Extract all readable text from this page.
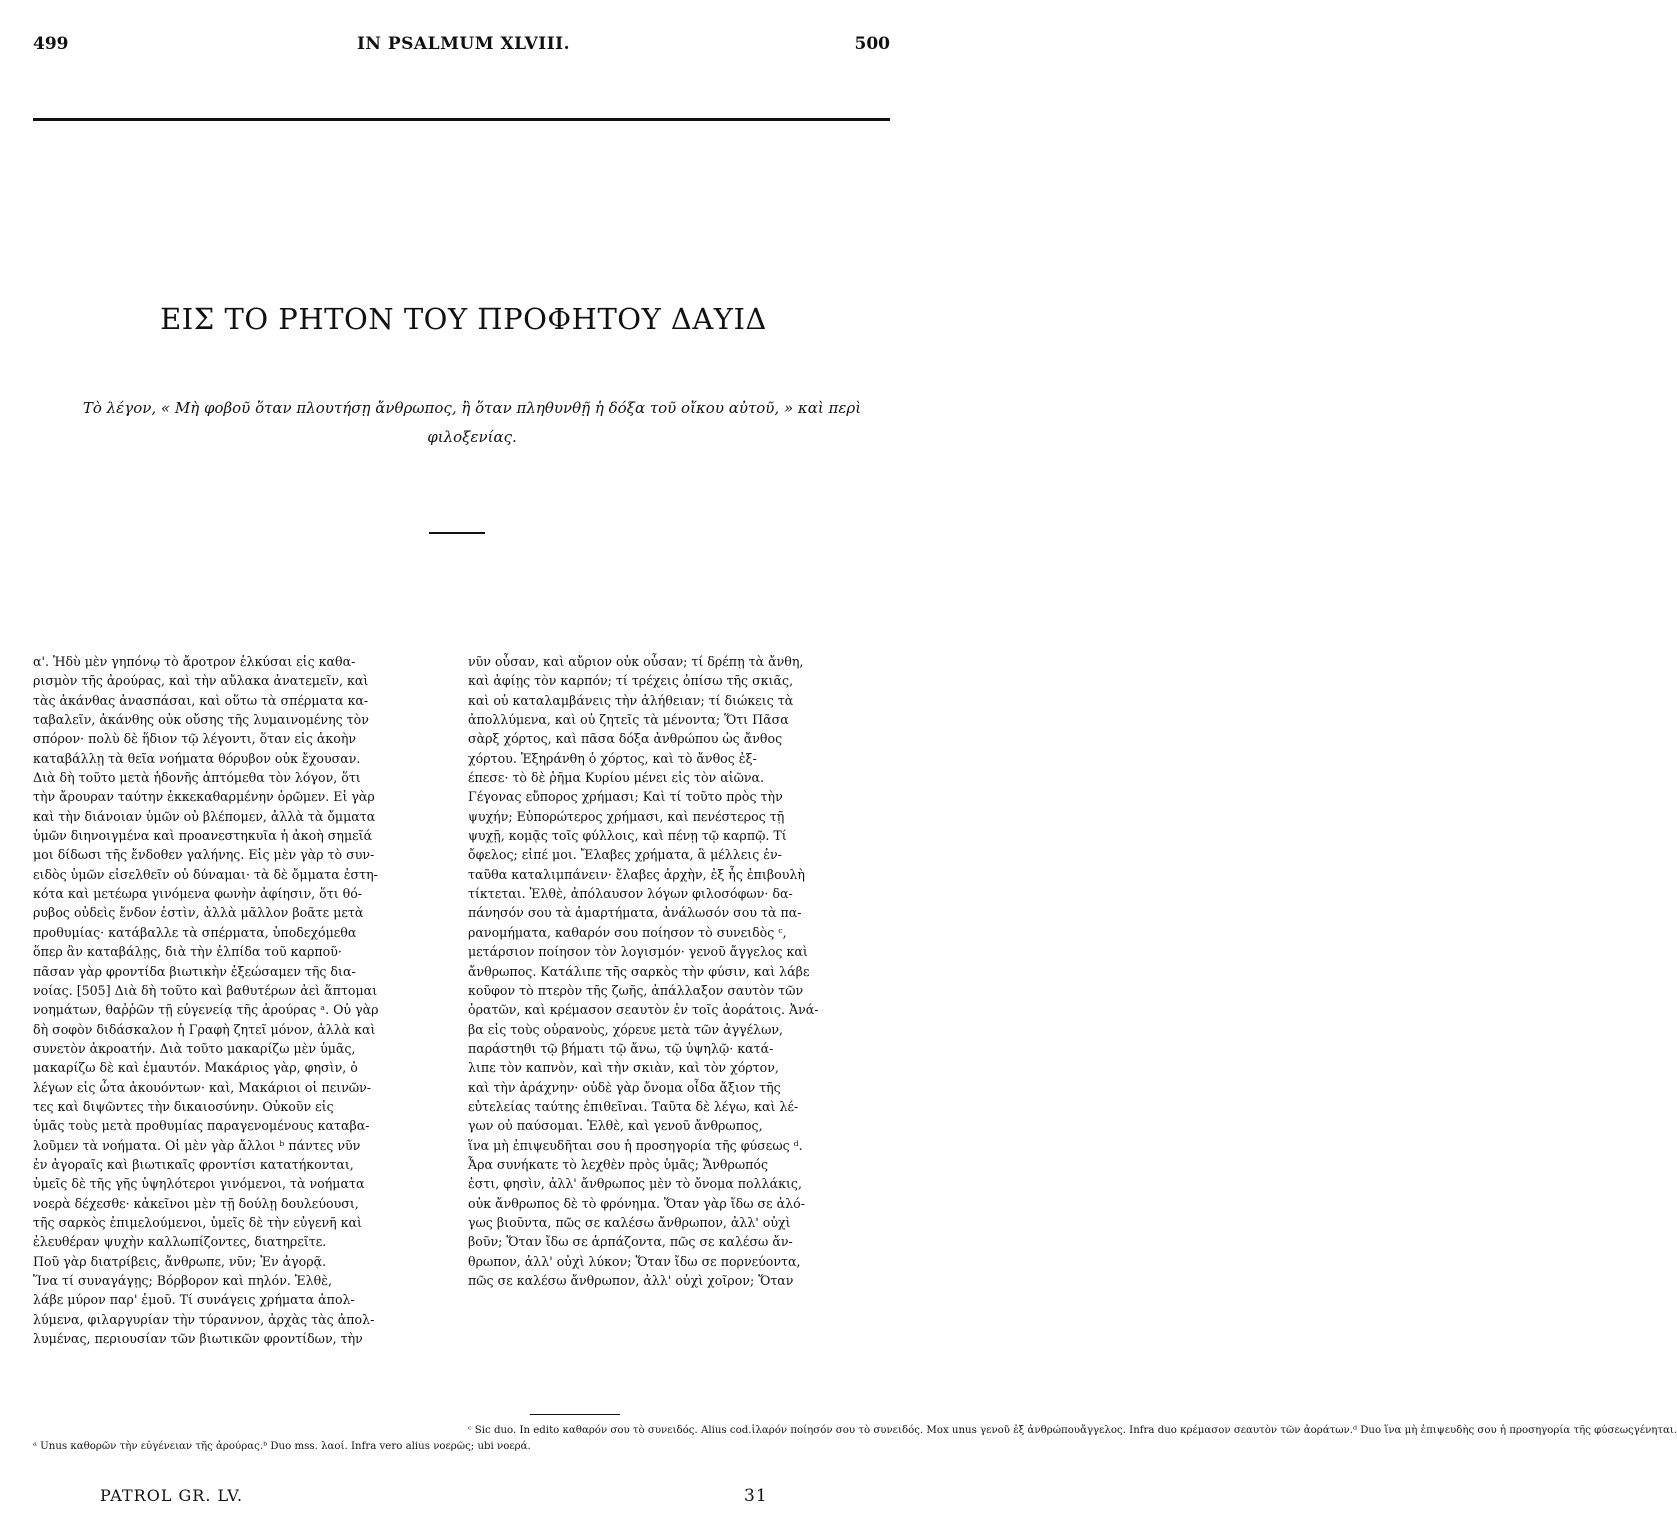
499	IN PSALMUM XLVIII.	500
ΕΙΣ ΤΟ ΡΗΤΟΝ ΤΟΥ ΠΡΟΦΗΤΟΥ ΔΑΥΙΔ
Τὸ λέγον, « Μὴ φοβοῦ ὅταν πλουτήσῃ ἄνθρωπος, ἢ ὅταν πληθυνθῇ ἡ δόξα τοῦ οἴκου αὐτοῦ, » καὶ περὶ φιλοξενίας.
α'. Ἡδὺ μὲν γηπόνῳ τὸ ἄροτρον ἑλκύσαι εἰς καθα-
ρισμὸν τῆς ἀρούρας, καὶ τὴν αὔλακα ἀνατεμεῖν, καὶ
τὰς ἀκάνθας ἀνασπάσαι, καὶ οὕτω τὰ σπέρματα κα-
ταβαλεῖν, ἀκάνθης οὐκ οὔσης τῆς λυμαινομένης τὸν
σπόρον· πολὺ δὲ ἥδιον τῷ λέγοντι, ὅταν εἰς ἀκοὴν
καταβάλλῃ τὰ θεῖα νοήματα θόρυβον οὐκ ἔχουσαν.
Διὰ δὴ τοῦτο μετὰ ἡδονῆς ἁπτόμεθα τὸν λόγον, ὅτι
τὴν ἄρουραν ταύτην ἐκκεκαθαρμένην ὁρῶμεν. Εἰ γὰρ
καὶ τὴν διάνοιαν ὑμῶν οὐ βλέπομεν, ἀλλὰ τὰ ὄμματα
ὑμῶν διηνοιγμένα καὶ προανεστηκυῖα ἡ ἀκοὴ σημεῖά
μοι δίδωσι τῆς ἔνδοθεν γαλήνης. Εἰς μὲν γὰρ τὸ συν-
ειδὸς ὑμῶν εἰσελθεῖν οὐ δύναμαι· τὰ δὲ ὄμματα ἐστη-
κότα καὶ μετέωρα γινόμενα φωνὴν ἀφίησιν, ὅτι θό-
ρυβος οὐδεὶς ἔνδον ἐστὶν, ἀλλὰ μᾶλλον βοᾶτε μετὰ
προθυμίας· κατάβαλλε τὰ σπέρματα, ὑποδεχόμεθα
ὅπερ ἂν καταβάλῃς, διὰ τὴν ἐλπίδα τοῦ καρποῦ·
πᾶσαν γὰρ φροντίδα βιωτικὴν ἐξεώσαμεν τῆς δια-
νοίας. [505] Διὰ δὴ τοῦτο καὶ βαθυτέρων ἀεὶ ἅπτομαι
νοημάτων, θαῤῥῶν τῇ εὐγενείᾳ τῆς ἀρούρας ᵃ. Οὐ γὰρ
δὴ σοφὸν διδάσκαλον ἡ Γραφὴ ζητεῖ μόνον, ἀλλὰ καὶ
συνετὸν ἀκροατήν. Διὰ τοῦτο μακαρίζω μὲν ὑμᾶς,
μακαρίζω δὲ καὶ ἐμαυτόν. Μακάριος γὰρ, φησὶν, ὁ
λέγων εἰς ὦτα ἀκουόντων· καὶ, Μακάριοι οἱ πεινῶν-
τες καὶ διψῶντες τὴν δικαιοσύνην. Οὐκοῦν εἰς
ὑμᾶς τοὺς μετὰ προθυμίας παραγενομένους καταβα-
λοῦμεν τὰ νοήματα. Οἱ μὲν γὰρ ἄλλοι ᵇ πάντες νῦν
ἐν ἀγοραῖς καὶ βιωτικαῖς φροντίσι κατατήκονται,
ὑμεῖς δὲ τῆς γῆς ὑψηλότεροι γινόμενοι, τὰ νοήματα
νοερὰ δέχεσθε· κἀκεῖνοι μὲν τῇ δούλῃ δουλεύουσι,
τῆς σαρκὸς ἐπιμελούμενοι, ὑμεῖς δὲ τὴν εὐγενῆ καὶ
ἐλευθέραν ψυχὴν καλλωπίζοντες, διατηρεῖτε.
Ποῦ γὰρ διατρίβεις, ἄνθρωπε, νῦν; Ἐν ἀγορᾷ.
Ἵνα τί συναγάγῃς; Βόρβορον καὶ πηλόν. Ἐλθὲ,
λάβε μύρον παρ' ἐμοῦ. Τί συνάγεις χρήματα ἀπολ-
λύμενα, φιλαργυρίαν τὴν τύραννον, ἀρχὰς τὰς ἀπολ-
λυμένας, περιουσίαν τῶν βιωτικῶν φροντίδων, τὴν
νῦν οὖσαν, καὶ αὔριον οὐκ οὖσαν; τί δρέπῃ τὰ ἄνθη,
καὶ ἀφίῃς τὸν καρπόν; τί τρέχεις ὀπίσω τῆς σκιᾶς,
καὶ οὐ καταλαμβάνεις τὴν ἀλήθειαν; τί διώκεις τὰ
ἀπολλύμενα, καὶ οὐ ζητεῖς τὰ μένοντα; Ὅτι Πᾶσα
σὰρξ χόρτος, καὶ πᾶσα δόξα ἀνθρώπου ὡς ἄνθος
χόρτου. Ἐξηράνθη ὁ χόρτος, καὶ τὸ ἄνθος ἐξ-
έπεσε· τὸ δὲ ῥῆμα Κυρίου μένει εἰς τὸν αἰῶνα.
Γέγονας εὔπορος χρήμασι; Καὶ τί τοῦτο πρὸς τὴν
ψυχήν; Εὐπορώτερος χρήμασι, καὶ πενέστερος τῇ
ψυχῇ, κομᾷς τοῖς φύλλοις, καὶ πένῃ τῷ καρπῷ. Τί
ὄφελος; εἰπέ μοι. Ἔλαβες χρήματα, ἃ μέλλεις ἐν-
ταῦθα καταλιμπάνειν· ἔλαβες ἀρχὴν, ἐξ ἧς ἐπιβουλὴ
τίκτεται. Ἐλθὲ, ἀπόλαυσον λόγων φιλοσόφων· δα-
πάνησόν σου τὰ ἁμαρτήματα, ἀνάλωσόν σου τὰ πα-
ρανομήματα, καθαρόν σου ποίησον τὸ συνειδὸς ᶜ,
μετάρσιον ποίησον τὸν λογισμόν· γενοῦ ἄγγελος καὶ
ἄνθρωπος. Κατάλιπε τῆς σαρκὸς τὴν φύσιν, καὶ λάβε
κοῦφον τὸ πτερὸν τῆς ζωῆς, ἀπάλλαξον σαυτὸν τῶν
ὁρατῶν, καὶ κρέμασον σεαυτὸν ἐν τοῖς ἀοράτοις. Ἀνά-
βα εἰς τοὺς οὐρανοὺς, χόρευε μετὰ τῶν ἀγγέλων,
παράστηθι τῷ βήματι τῷ ἄνω, τῷ ὑψηλῷ· κατά-
λιπε τὸν καπνὸν, καὶ τὴν σκιὰν, καὶ τὸν χόρτον,
καὶ τὴν ἀράχνην· οὐδὲ γὰρ ὄνομα οἶδα ἄξιον τῆς
εὐτελείας ταύτης ἐπιθεῖναι. Ταῦτα δὲ λέγω, καὶ λέ-
γων οὐ παύσομαι. Ἐλθὲ, καὶ γενοῦ ἄνθρωπος,
ἵνα μὴ ἐπιψευδῆται σου ἡ προσηγορία τῆς φύσεως ᵈ.
Ἆρα συνήκατε τὸ λεχθὲν πρὸς ὑμᾶς; Ἄνθρωπός
ἐστι, φησὶν, ἀλλ' ἄνθρωπος μὲν τὸ ὄνομα πολλάκις,
οὐκ ἄνθρωπος δὲ τὸ φρόνημα. Ὅταν γὰρ ἴδω σε ἀλό-
γως βιοῦντα, πῶς σε καλέσω ἄνθρωπον, ἀλλ' οὐχὶ
βοῦν; Ὅταν ἴδω σε ἁρπάζοντα, πῶς σε καλέσω ἄν-
θρωπον, ἀλλ' οὐχὶ λύκον; Ὅταν ἴδω σε πορνεύοντα,
πῶς σε καλέσω ἄνθρωπον, ἀλλ' οὐχὶ χοῖρον; Ὅταν
ᵃ Unus καθορῶν τὴν εὐγένειαν τῆς ἀρούρας.ᵇ Duo mss. λαοί. Infra vero alius νοερῶς; ubi νοερά.
ᶜ Sic duo. In edito καθαρόν σου τὸ συνειδός. Alius cod.ἱλαρόν ποίησόν σου τὸ συνειδός. Mox unus γενοῦ ἐξ ἀνθρώπουἄγγελος. Infra duo κρέμασον σεαυτὸν τῶν ἀοράτων.ᵈ Duo ἵνα μὴ ἐπιψευδὴς σου ἡ προσηγορία τῆς φύσεωςγένηται.
PATROL GR. LV.	31
